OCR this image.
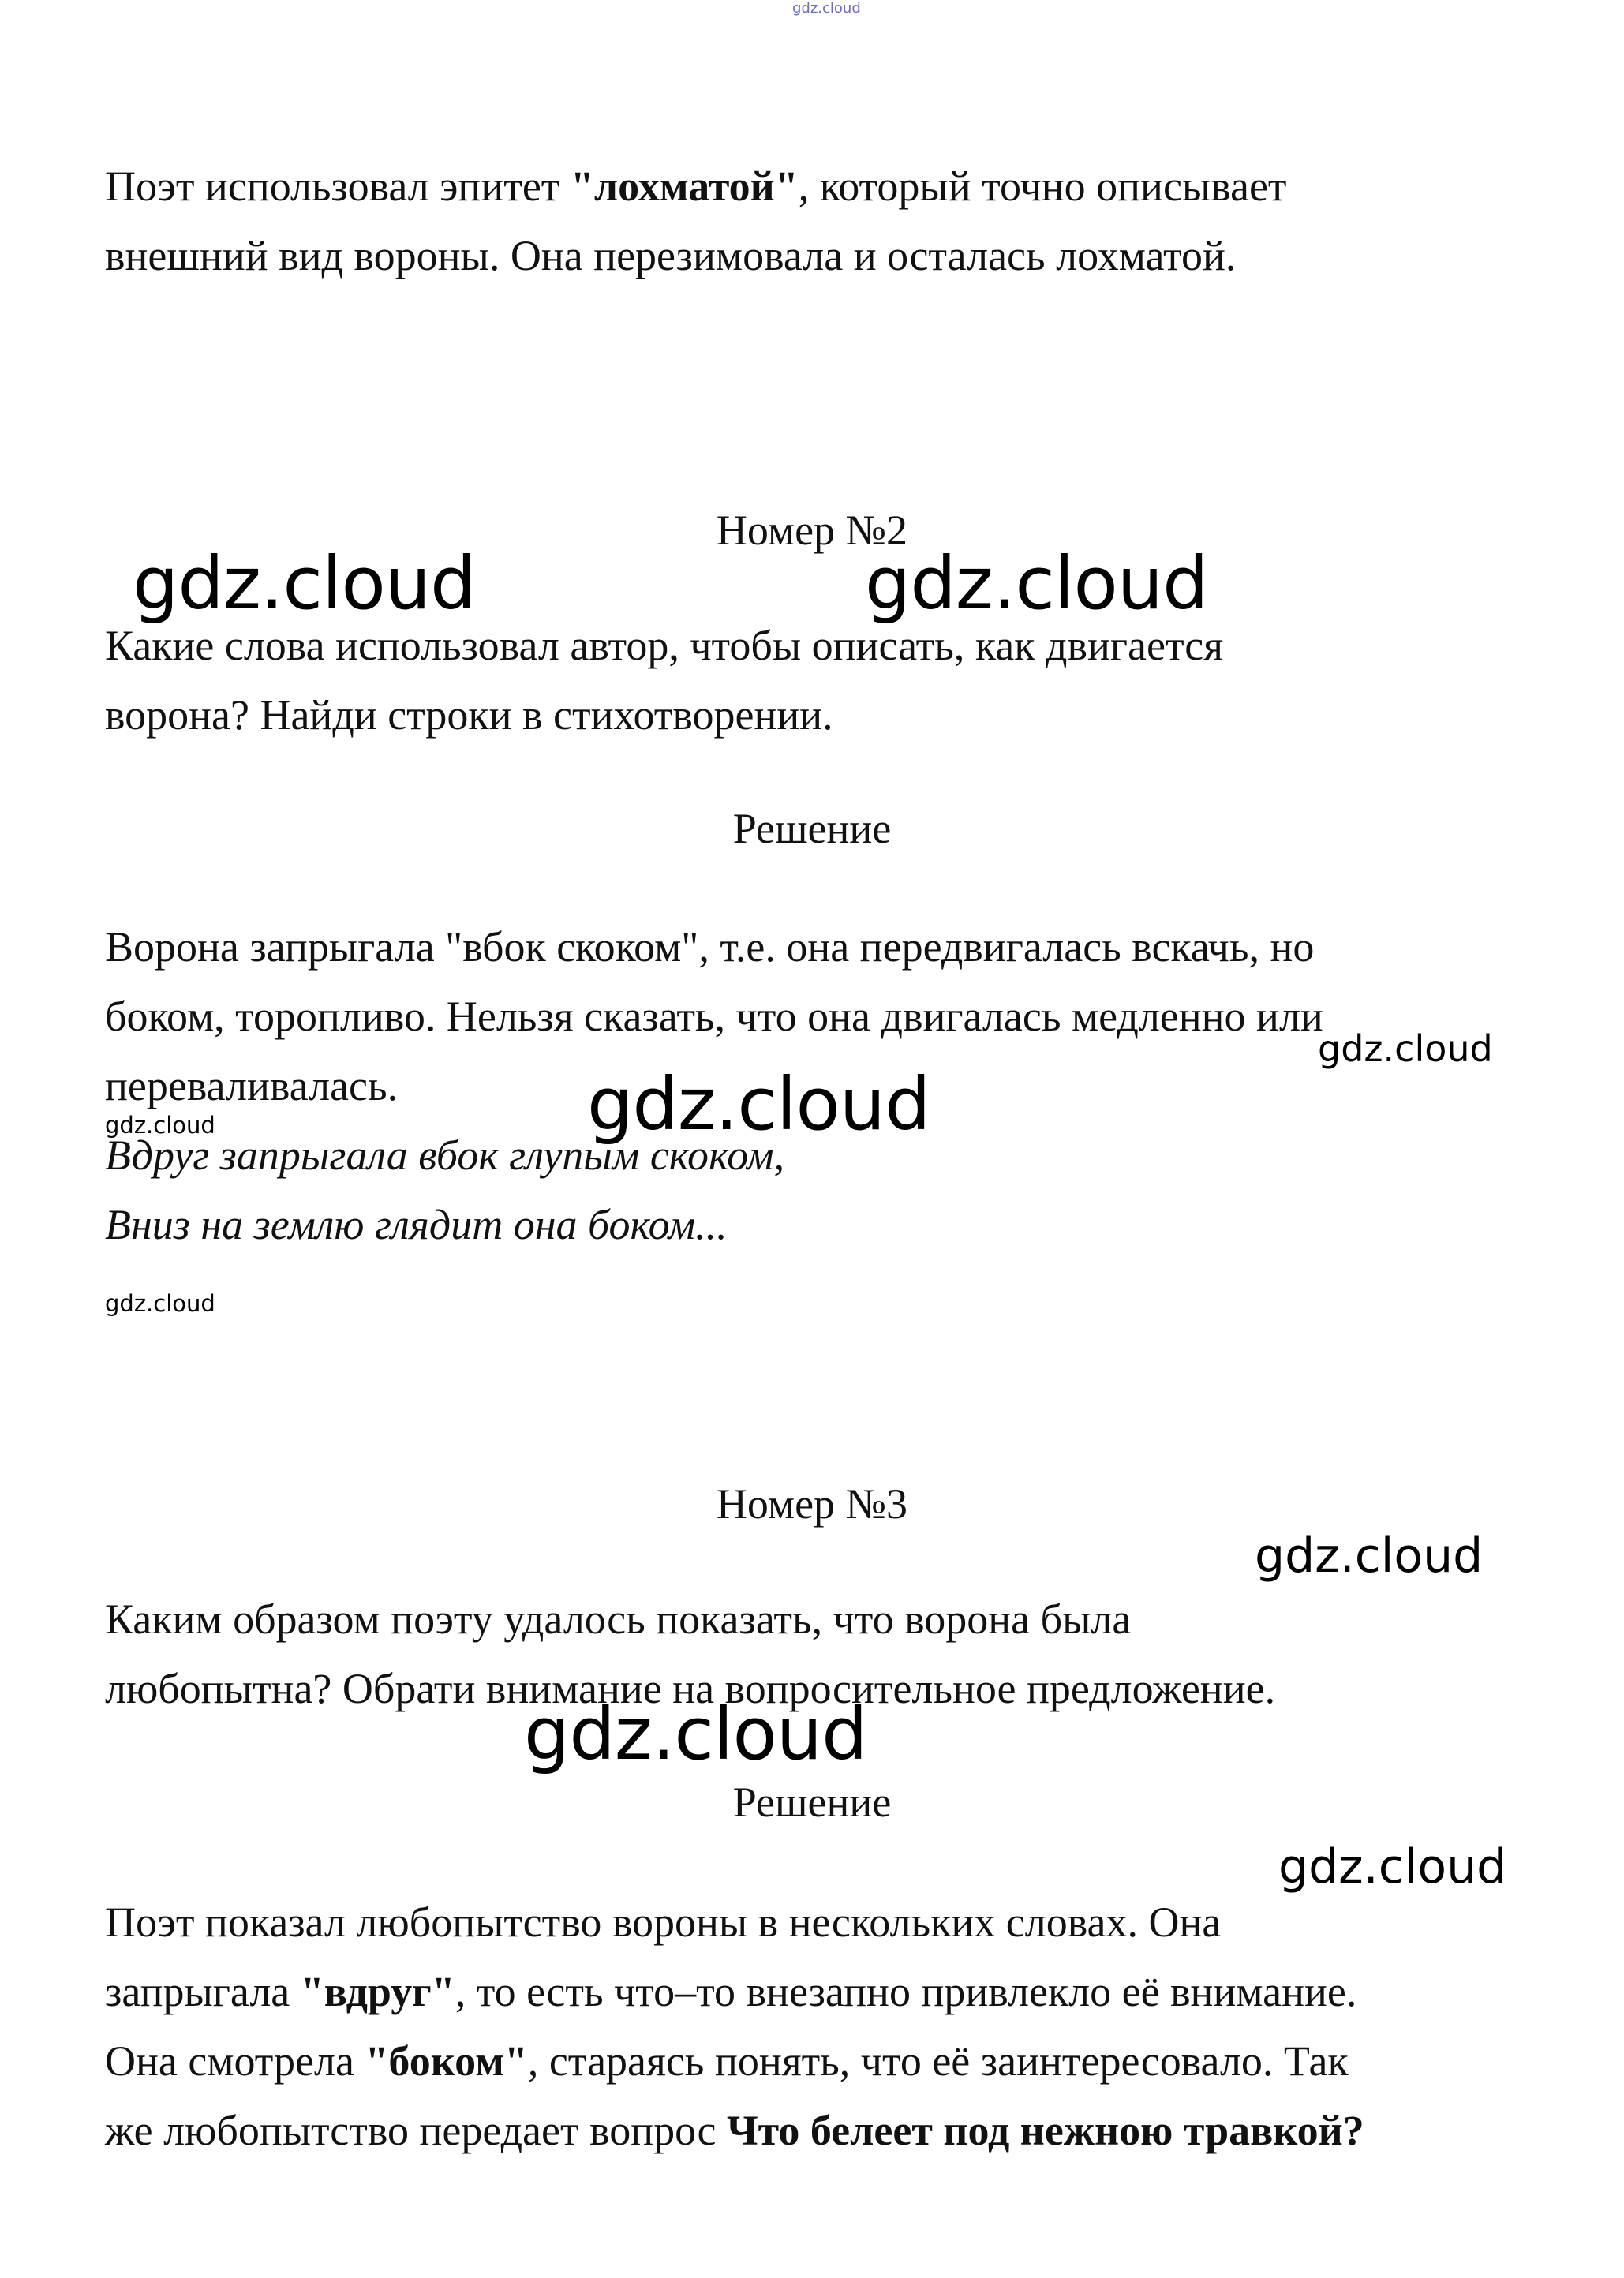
gdz.cloud
Поэт использовал эпитет "лохматой", который точно описывает
внешний вид вороны. Она перезимовала и осталась лохматой.
Номер №2
Какие слова использовал автор, чтобы описать, как двигается
ворона? Найди строки в стихотворении.
Решение
Ворона запрыгала "вбок скоком", т.е. она передвигалась вскачь, но
боком, торопливо. Нельзя сказать, что она двигалась медленно или
переваливалась.
Вдруг запрыгала вбок глупым скоком,
Вниз на землю глядит она боком...
Номер №3
Каким образом поэту удалось показать, что ворона была
любопытна? Обрати внимание на вопросительное предложение.
Решение
Поэт показал любопытство вороны в нескольких словах. Она
запрыгала "вдруг", то есть что–то внезапно привлекло её внимание.
Она смотрела "боком", стараясь понять, что её заинтересовало. Так
же любопытство передает вопрос Что белеет под нежною травкой?
gdz.cloud	gdz.cloud
gdz.cloud
gdz.cloud
gdz.cloud
gdz.cloud
gdz.cloud
gdz.cloud
gdz.cloud
